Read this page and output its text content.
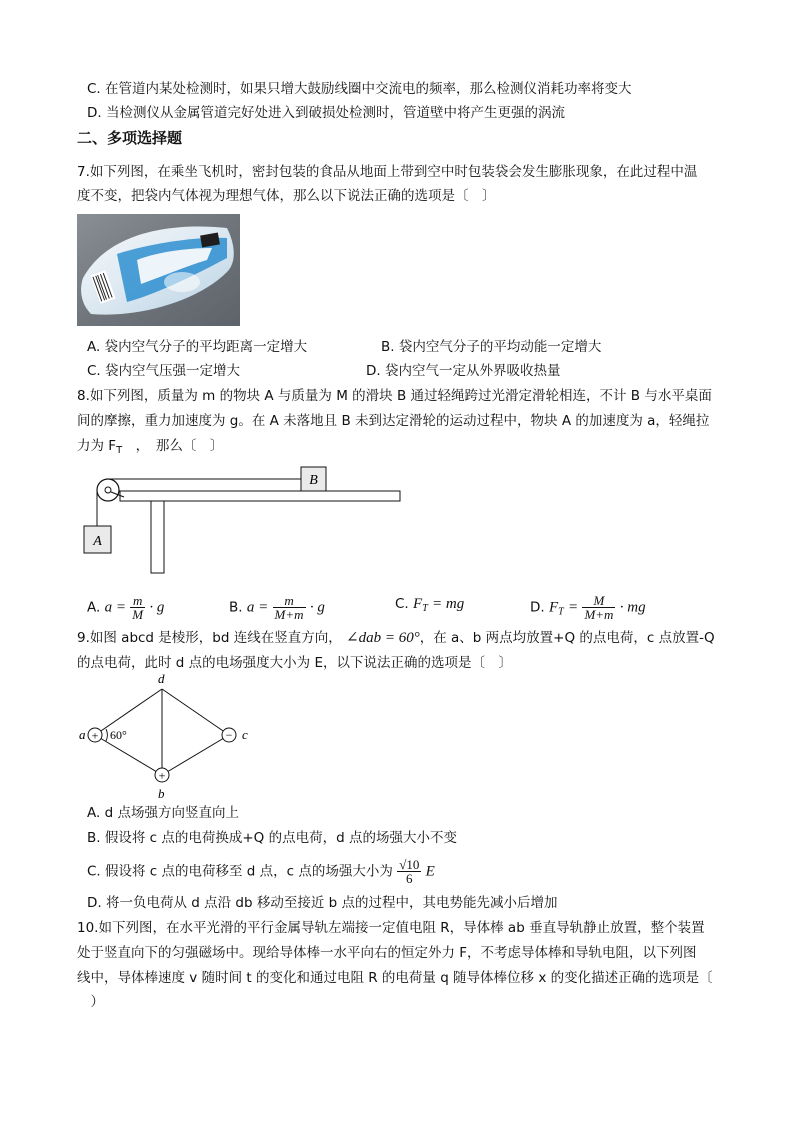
C. 在管道内某处检测时，如果只增大鼓励线圈中交流电的频率，那么检测仪消耗功率将变大
D. 当检测仪从金属管道完好处进入到破损处检测时，管道壁中将产生更强的涡流
二、多项选择题
7.如下列图，在乘坐飞机时，密封包装的食品从地面上带到空中时包装袋会发生膨胀现象，在此过程中温
度不变，把袋内气体视为理想气体，那么以下说法正确的选项是〔　〕
A. 袋内空气分子的平均距离一定增大	B. 袋内空气分子的平均动能一定增大
C. 袋内空气压强一定增大	D. 袋内空气一定从外界吸收热量
8.如下列图，质量为 m 的物块 A 与质量为 M 的滑块 B 通过轻绳跨过光滑定滑轮相连，不计 B 与水平桌面
间的摩擦，重力加速度为 g。在 A 未落地且 B 未到达定滑轮的运动过程中，物块 A 的加速度为 a，轻绳拉
力为 $F_T$　，　那么〔　〕
B
A
A. $a = \frac{m}{M} \cdot g$	B. $a = \frac{m}{M+m} \cdot g$	C. $F_T$ = mg	D. $F_T = \frac{M}{M+m}$ · mg
9.如图 abcd 是棱形，bd 连线在竖直方向， ∠dab = 60°，在 a、b 两点均放置+Q 的点电荷，c 点放置-Q
的点电荷，此时 d 点的电场强度大小为 E，以下说法正确的选项是〔　〕
+
+
−
60°
a
d
c
b
A. d 点场强方向竖直向上
B. 假设将 c 点的电荷换成+Q 的点电荷，d 点的场强大小不变
C. 假设将 c 点的电荷移至 d 点，c 点的场强大小为 $\frac{√10}{6}$ E
D. 将一负电荷从 d 点沿 db 移动至接近 b 点的过程中，其电势能先减小后增加
10.如下列图，在水平光滑的平行金属导轨左端接一定值电阻 R，导体棒 ab 垂直导轨静止放置，整个装置
处于竖直向下的匀强磁场中。现给导体棒一水平向右的恒定外力 F，不考虑导体棒和导轨电阻，以下列图
线中，导体棒速度 v 随时间 t 的变化和通过电阻 R 的电荷量 q 随导体棒位移 x 的变化描述正确的选项是〔
　）
